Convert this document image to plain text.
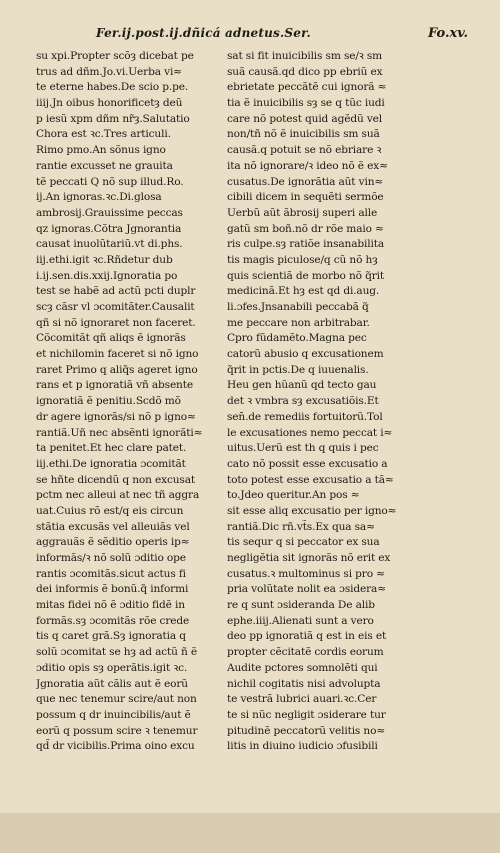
Fer.ij.post.ij.dñicá adnetus.Ser.	Fo.xv.
su xpi.Propter scõȝ dicebat pe
trus ad dñm.Jo.vi.Uerba vi≈
te eterne habes.De scio p.pe.
iiij.Jn oibus honorificetȝ deũ
p iesũ xpm dñm nr̃ȝ.Salutatio
Chora est ꝛc.Tres articuli.
Rimo pmo.An sõnus igno
rantie excusset ne grauita
tẽ peccati Q nõ sup illud.Ro.
ij.An ignoras.ꝛc.Di.glosa
ambrosij.Grauissime peccas
qz ignoras.Cõtra Jgnorantia
causat inuolũtariũ.vt di.phs.
iij.ethi.igit ꝛc.Rñdetur dub
i.ij.sen.dis.xxij.Ignoratia po
test se habẽ ad actũ pcti duplr
scȝ cãsr vl ɔcomitãter.Causalit
qñ si nõ ignoraret non faceret.
Cõcomitãt qñ aliqs ẽ ignorãs
et nichilomin faceret si nõ igno
raret Primo q aliq̃s ageret igno
rans et p ignoratiã vñ absente
ignoratiã ẽ penitiu.Scdõ mõ
dr agere ignorãs/si nõ p igno≈
rantiã.Uñ nec absẽnti ignorãti≈
ta penitet.Et hec clare patet.
iij.ethi.De ignoratia ɔcomitãt
se hñte dicendũ q non excusat
pctm nec alleui at nec tñ aggra
uat.Cuius rõ est/q eis circun
stãtia excusãs vel alleuiãs vel
aggrauãs ẽ sẽditio operis ip≈
informãs/ꝛ nõ solũ ɔditio ope
rantis ɔcomitãs.sicut actus fi
dei informis ẽ bonũ.q̃ informi
mitas fidei nõ ẽ ɔditio fidẽ in
formãs.sȝ ɔcomitãs rõe crede
tis q caret grã.Sȝ ignoratia q
solũ ɔcomitat se hȝ ad actũ ñ ẽ
ɔditio opis sȝ operãtis.igit ꝛc.
Jgnoratia aũt cãlis aut ẽ eorũ
que nec tenemur scire/aut non
possum q dr inuincibilis/aut ẽ
eorũ q possum scire ꝛ tenemur
qd̃ dr vicibilis.Prima oino excu
sat si fit inuicibilis sm se/ꝛ sm
suã causã.qd dico pp ebriũ ex
ebrietate peccãtẽ cui ignorã ≈
tia ẽ inuicibilis sȝ se q tũc iudi
care nõ potest quid agẽdũ vel
non/tñ nõ ẽ inuicibilis sm suã
causã.q potuit se nõ ebriare ꝛ
ita nõ ignorare/ꝛ ideo nõ ẽ ex≈
cusatus.De ignorãtia aũt vin≈
cibili dicem in sequẽti sermõe
Uerbũ aũt ãbrosij superi alle
gatũ sm boñ.nõ dr rõe maio ≈
ris culpe.sȝ ratiõe insanabilita
tis magis piculose/q cũ nõ hȝ
quis scientiã de morbo nõ q̃rit
medicinã.Et hȝ est qd di.aug.
li.ɔfes.Jnsanabili peccabã q̃
me peccare non arbitrabar.
Cpro fũdamẽto.Magna pec
catorũ abusio q excusationem
q̃rit in pctis.De q iuuenalis.
Heu gen hũanũ qd tecto gau
det ꝛ vmbra sȝ excusatiõis.Et
sen̄.de remediis fortuitorũ.Tol
le excusationes nemo peccat i≈
uitus.Uerũ est th q quis i pec
cato nõ possit esse excusatio a
toto potest esse excusatio a tã≈
to.Jdeo queritur.An pos ≈
sit esse aliq excusatio per igno≈
rantiã.Dic rñ.vt̃s.Ex qua sa≈
tis sequr q si peccator ex sua
negligẽtia sit ignorãs nõ erit ex
cusatus.ꝛ multominus si pro ≈
pria volũtate nolit ea ɔsidera≈
re q sunt ɔsideranda De alib
ephe.iiij.Alienati sunt a vero
deo pp ignoratiã q est in eis et
propter cẽcitatẽ cordis eorum
Audite pctores somnolẽti qui
nichil cogitatis nisi advolupta
te vestrã lubrici auari.ꝛc.Cer
te si nũc negligit ɔsiderare tur
pitudinẽ peccatorũ velitis no≈
litis in diuino iudicio ɔfusibili
